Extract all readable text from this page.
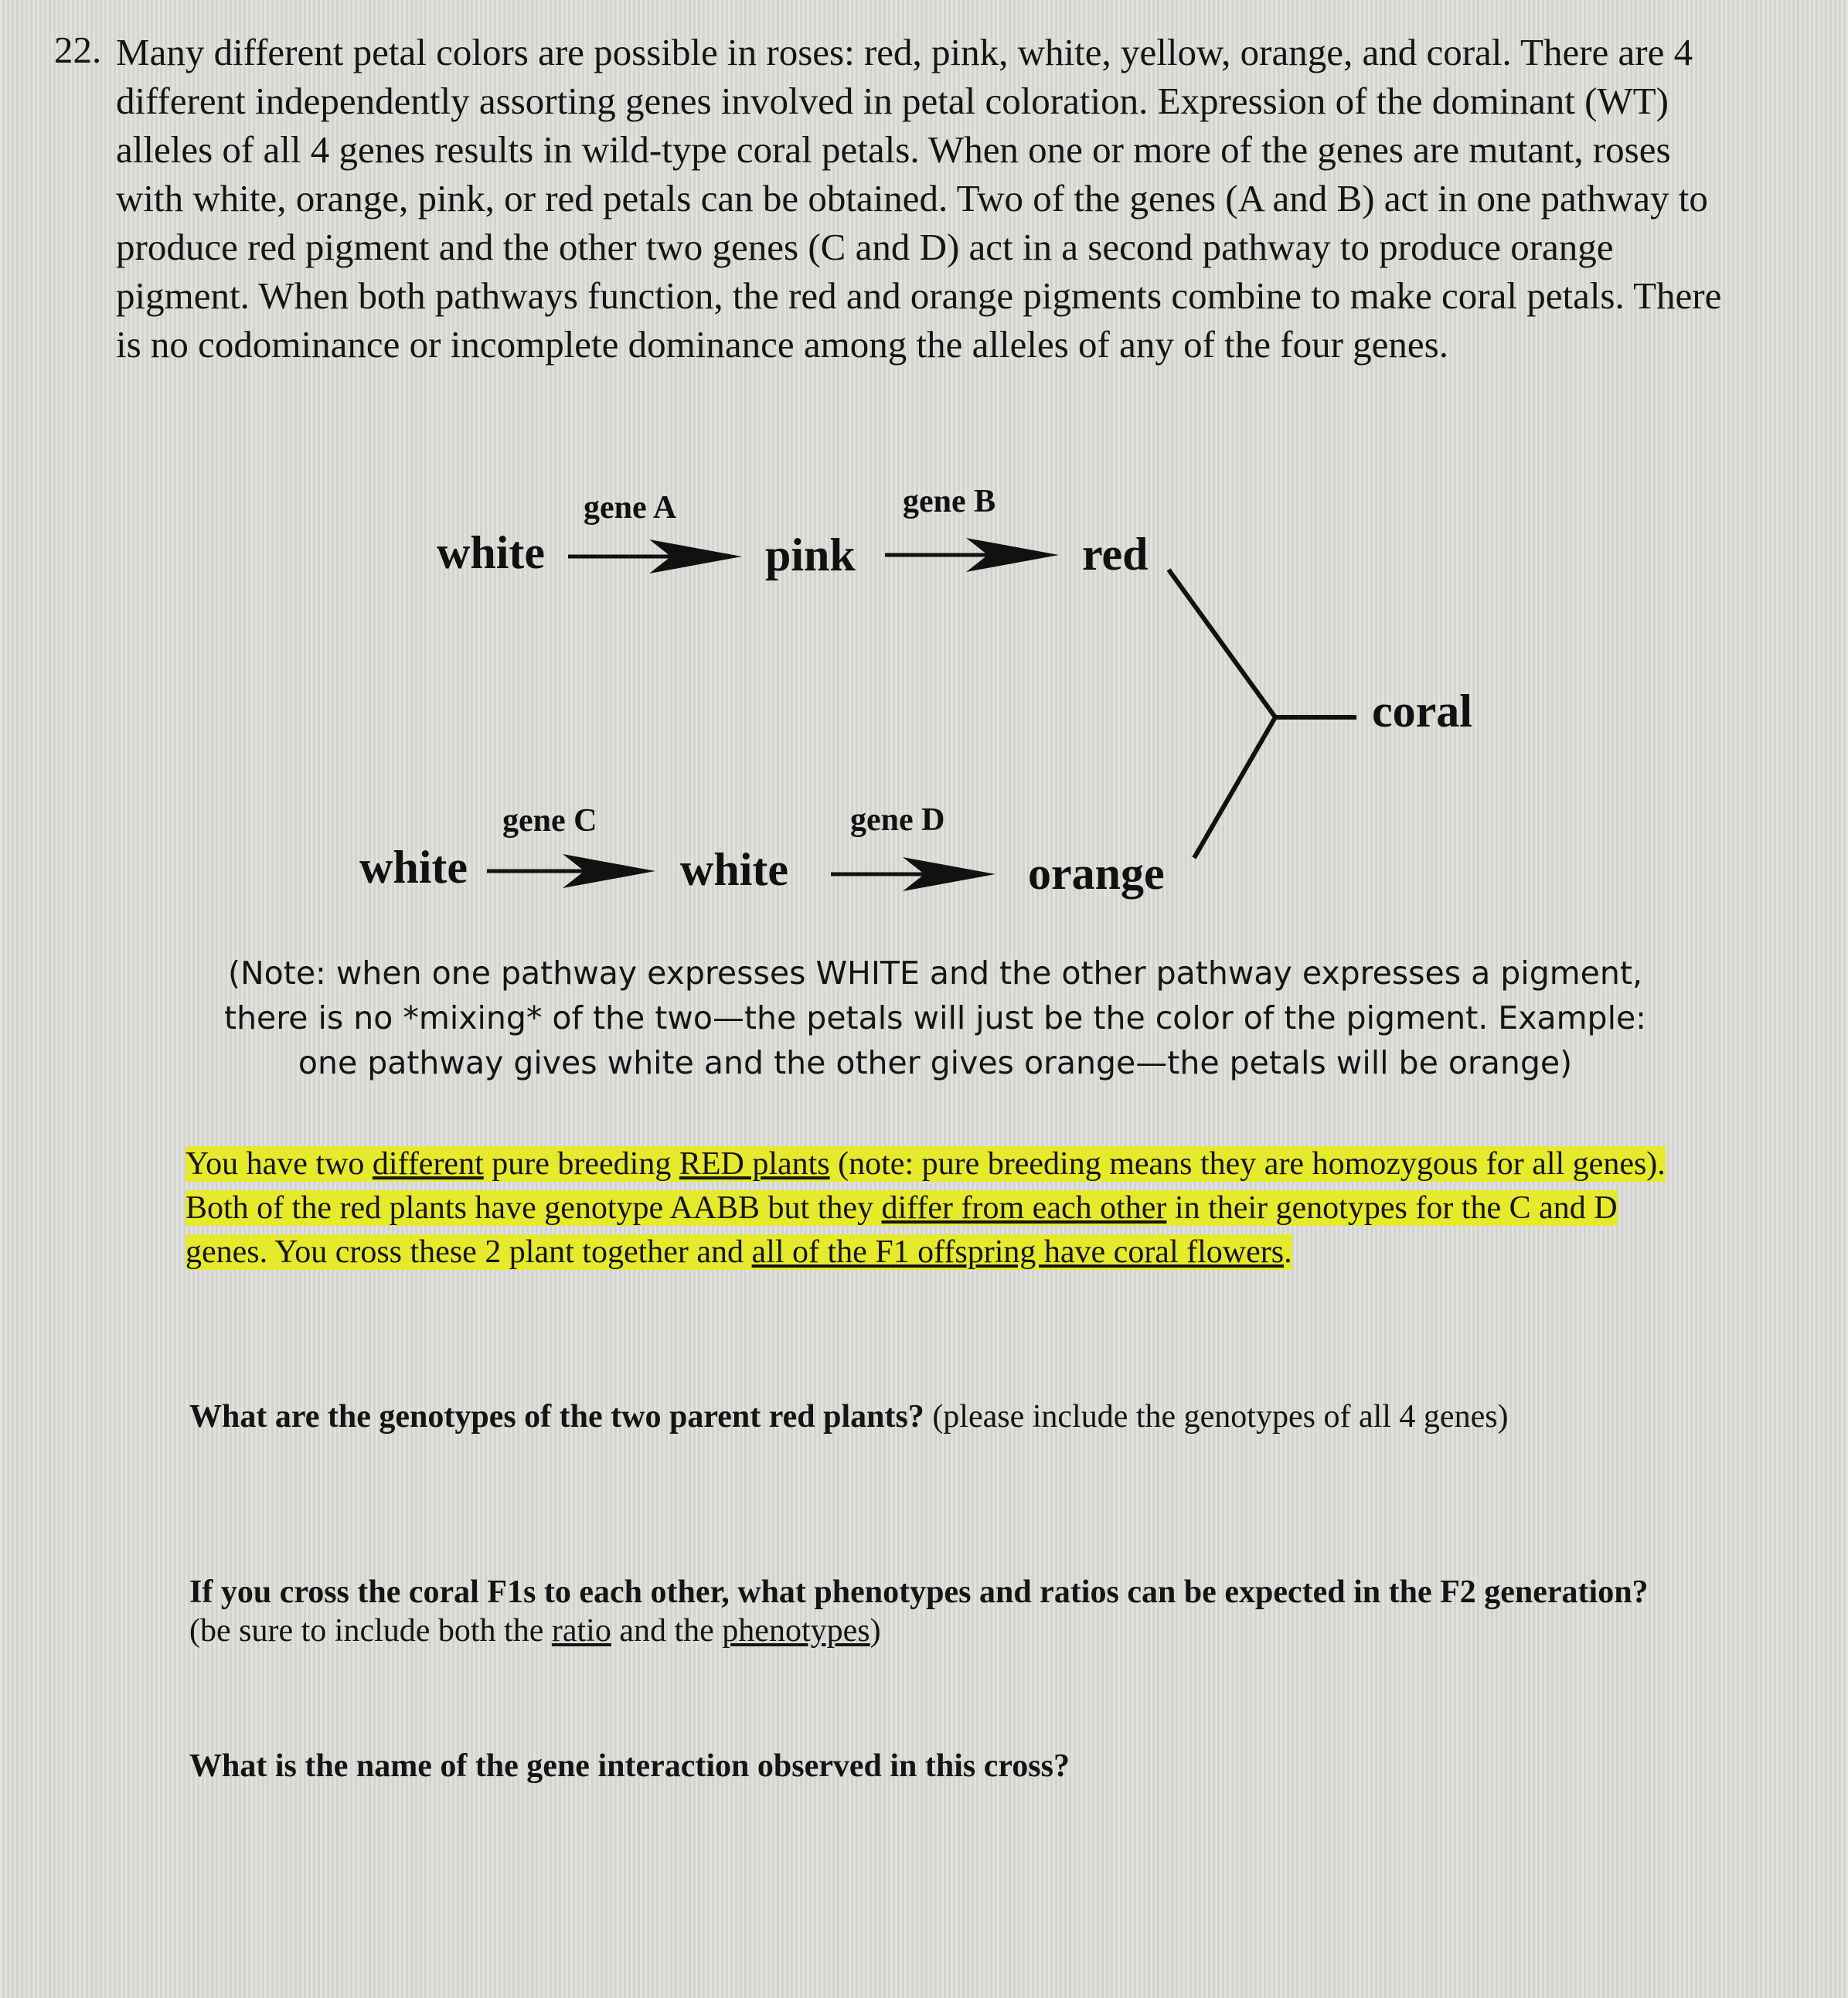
22. Many different petal colors are possible in roses: red, pink, white, yellow, orange, and coral. There are 4 different independently assorting genes involved in petal coloration. Expression of the dominant (WT) alleles of all 4 genes results in wild-type coral petals. When one or more of the genes are mutant, roses with white, orange, pink, or red petals can be obtained. Two of the genes (A and B) act in one pathway to produce red pigment and the other two genes (C and D) act in a second pathway to produce orange pigment. When both pathways function, the red and orange pigments combine to make coral petals. There is no codominance or incomplete dominance among the alleles of any of the four genes.

white
gene A
pink
gene B
red
white
gene C
white
gene D
orange
coral

(Note: when one pathway expresses WHITE and the other pathway expresses a pigment,
there is no *mixing* of the two—the petals will just be the color of the pigment. Example:
one pathway gives white and the other gives orange—the petals will be orange)

You have two different pure breeding RED plants (note: pure breeding means they are homozygous for all genes). Both of the red plants have genotype AABB but they differ from each other in their genotypes for the C and D genes. You cross these 2 plant together and all of the F1 offspring have coral flowers.

What are the genotypes of the two parent red plants? (please include the genotypes of all 4 genes)

If you cross the coral F1s to each other, what phenotypes and ratios can be expected in the F2 generation? (be sure to include both the ratio and the phenotypes)

What is the name of the gene interaction observed in this cross?
